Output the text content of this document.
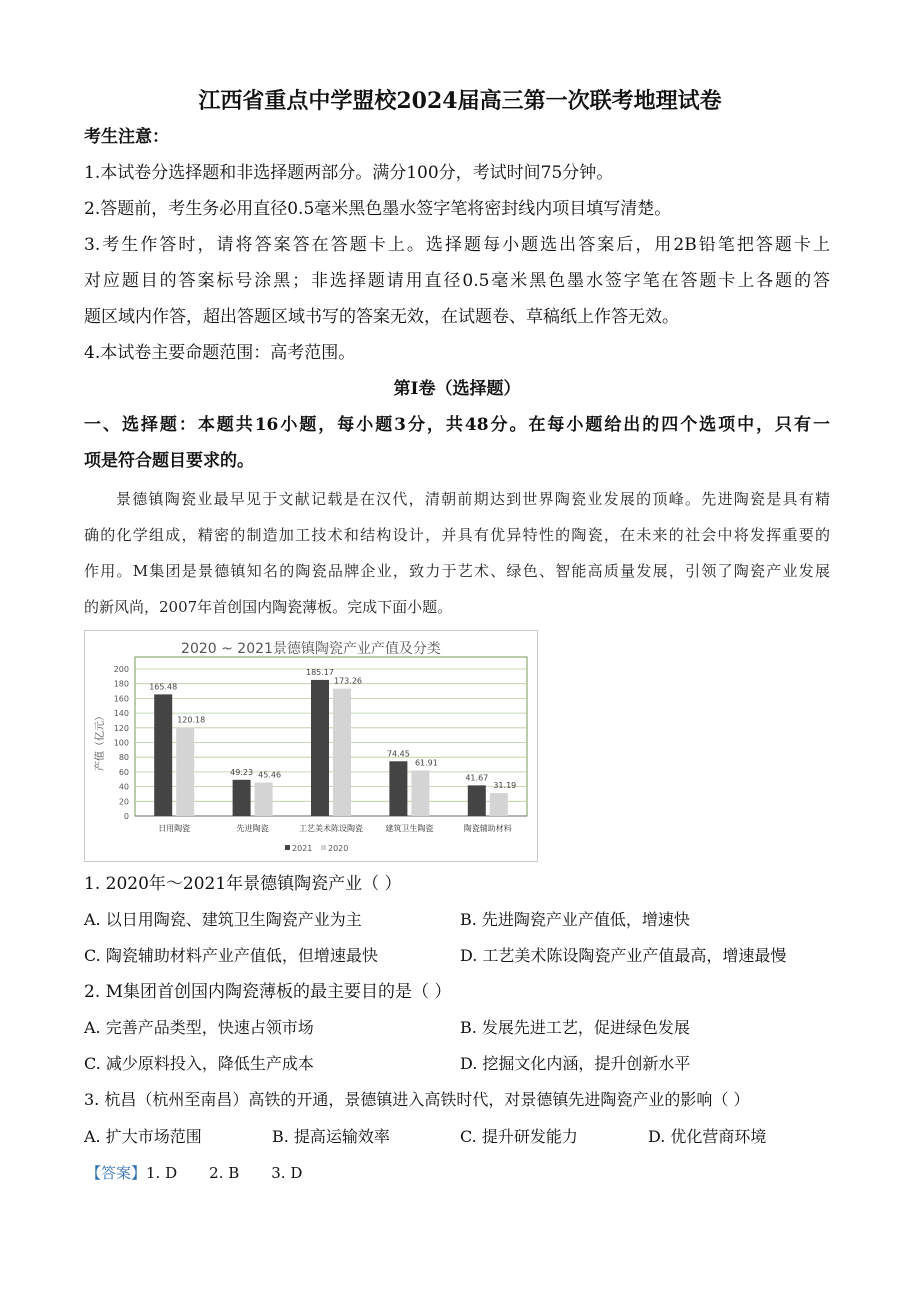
江西省重点中学盟校2024届高三第一次联考地理试卷
考生注意：
1.本试卷分选择题和非选择题两部分。满分100分，考试时间75分钟。
2.答题前，考生务必用直径0.5毫米黑色墨水签字笔将密封线内项目填写清楚。
3.考生作答时，请将答案答在答题卡上。选择题每小题选出答案后，用2B铅笔把答题卡上
对应题目的答案标号涂黑；非选择题请用直径0.5毫米黑色墨水签字笔在答题卡上各题的答
题区域内作答，超出答题区域书写的答案无效，在试题卷、草稿纸上作答无效。
4.本试卷主要命题范围：高考范围。
第Ⅰ卷（选择题）
一、选择题：本题共16小题，每小题3分，共48分。在每小题给出的四个选项中，只有一
项是符合题目要求的。
景德镇陶瓷业最早见于文献记载是在汉代，清朝前期达到世界陶瓷业发展的顶峰。先进陶瓷是具有精
确的化学组成，精密的制造加工技术和结构设计，并具有优异特性的陶瓷，在未来的社会中将发挥重要的
作用。M集团是景德镇知名的陶瓷品牌企业，致力于艺术、绿色、智能高质量发展，引领了陶瓷产业发展
的新风尚，2007年首创国内陶瓷薄板。完成下面小题。
2020 ~ 2021景德镇陶瓷产业产值及分类
0
20
40
60
80
100
120
140
160
180
200
日用陶瓷	先进陶瓷	工艺美术陈设陶瓷	建筑卫生陶瓷	陶瓷辅助材料
165.48
120.18
49.23 45.46
185.17
173.26
74.45
61.91
41.67
31.19
产值（亿元）
2021 2020
1. 2020年～2021年景德镇陶瓷产业（ ）
A. 以日用陶瓷、建筑卫生陶瓷产业为主	B. 先进陶瓷产业产值低，增速快
C. 陶瓷辅助材料产业产值低，但增速最快	D. 工艺美术陈设陶瓷产业产值最高，增速最慢
2. M集团首创国内陶瓷薄板的最主要目的是（ ）
A. 完善产品类型，快速占领市场	B. 发展先进工艺，促进绿色发展
C. 减少原料投入，降低生产成本	D. 挖掘文化内涵，提升创新水平
3. 杭昌（杭州至南昌）高铁的开通，景德镇进入高铁时代，对景德镇先进陶瓷产业的影响（ ）
A. 扩大市场范围	B. 提高运输效率	C. 提升研发能力	D. 优化营商环境
【答案】1. D 2. B 3. D
